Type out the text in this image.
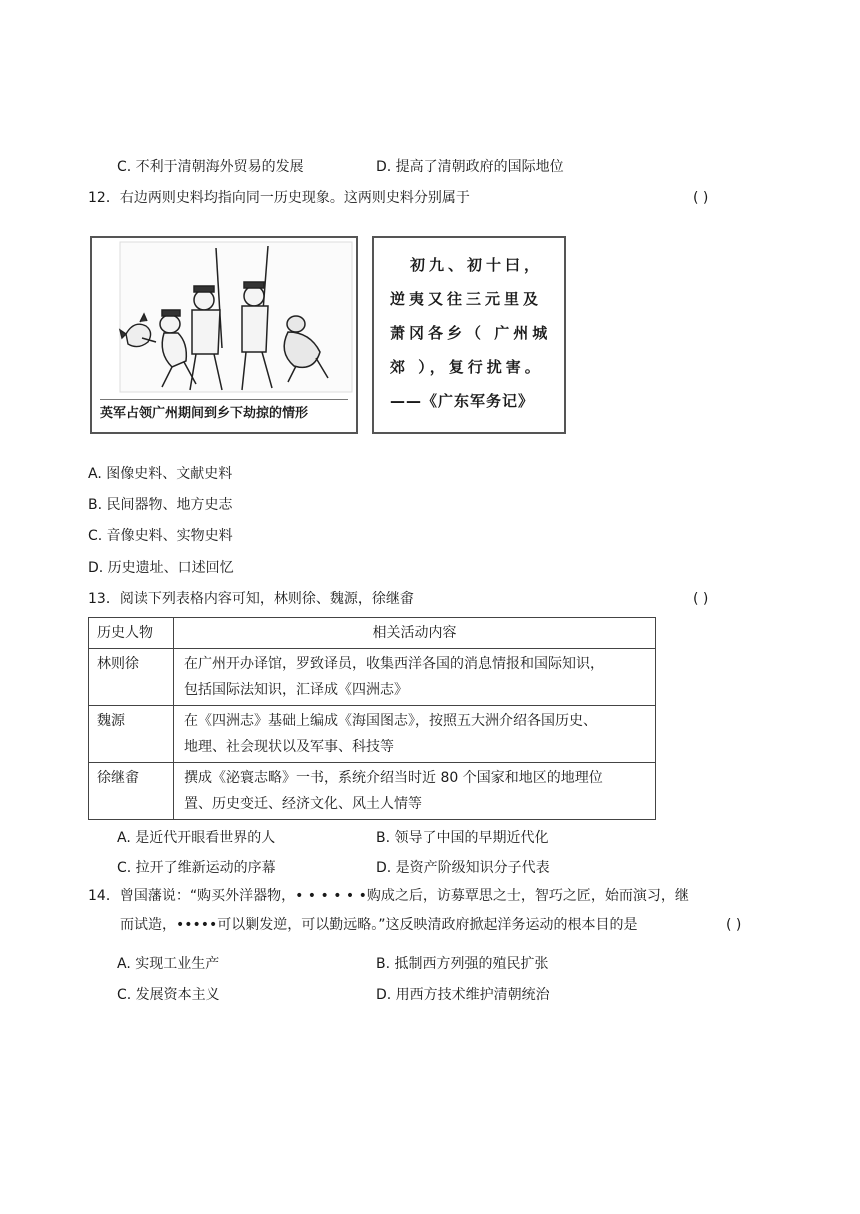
C. 不利于清朝海外贸易的发展	D. 提高了清朝政府的国际地位
12．右边两则史料均指向同一历史现象。这两则史料分别属于	( )
英军占领广州期间到乡下劫掠的情形
初九、初十曰，
逆夷又往三元里及
萧冈各乡（ 广州城
郊 ），复行扰害。
——《广东军务记》
A. 图像史料、文献史料
B. 民间器物、地方史志
C. 音像史料、实物史料
D. 历史遗址、口述回忆
13．阅读下列表格内容可知，林则徐、魏源，徐继畬	( )
历史人物	相关活动内容
林则徐	在广州开办译馆，罗致译员，收集西洋各国的消息情报和国际知识，
包括国际法知识，汇译成《四洲志》

魏源	在《四洲志》基础上编成《海国图志》，按照五大洲介绍各国历史、
地理、社会现状以及军事、科技等

徐继畬	撰成《泌寰志略》一书，系统介绍当时近 80 个国家和地区的地理位
置、历史变迁、经济文化、风土人情等
A. 是近代开眼看世界的人	B. 领导了中国的早期近代化
C. 拉开了维新运动的序幕	D. 是资产阶级知识分子代表
14．曾国藩说：“购买外洋器物，• • • • • •购成之后，访募覃思之士，智巧之匠，始而演习，继
而试造，•••••可以剿发逆，可以勤远略。”这反映清政府掀起洋务运动的根本目的是	( )
A. 实现工业生产	B. 抵制西方列强的殖民扩张
C. 发展资本主义	D. 用西方技术维护清朝统治
